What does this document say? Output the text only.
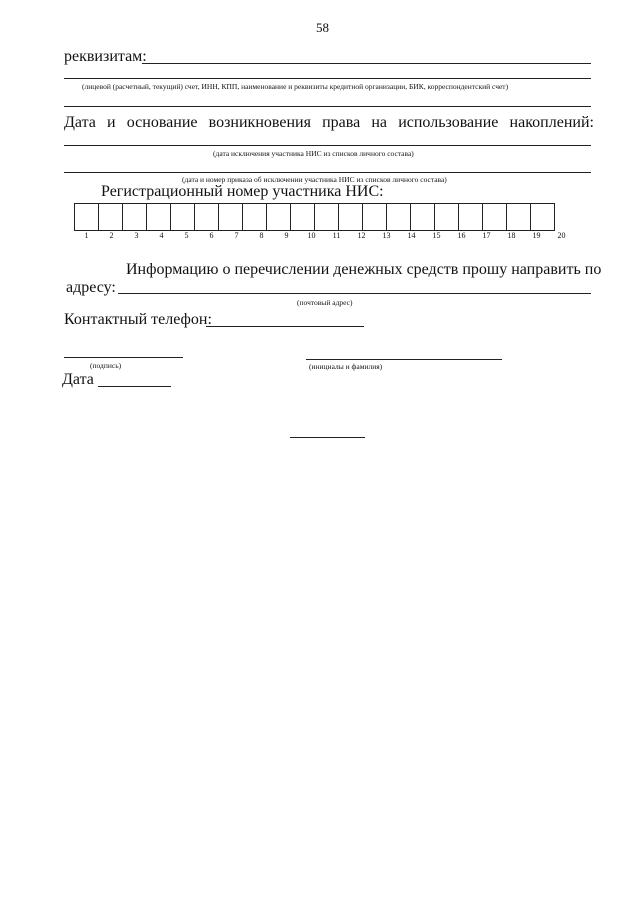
58
реквизитам:
(лицевой (расчетный, текущий) счет, ИНН, КПП, наименование и реквизиты кредитной организации, БИК, корреспондентский счет)
Дата и основание возникновения права на использование накоплений:
(дата исключения участника НИС из списков личного состава)
(дата и номер приказа об исключении участника НИС из списков личного состава)
Регистрационный номер участника НИС:
1	2	3	4	5	6	7	8	9	10	11	12	13	14	15	16	17	18	19	20
Информацию о перечислении денежных средств прошу направить по
адресу:
(почтовый адрес)
Контактный телефон:
(подпись)	(инициалы и фамилия)
Дата
